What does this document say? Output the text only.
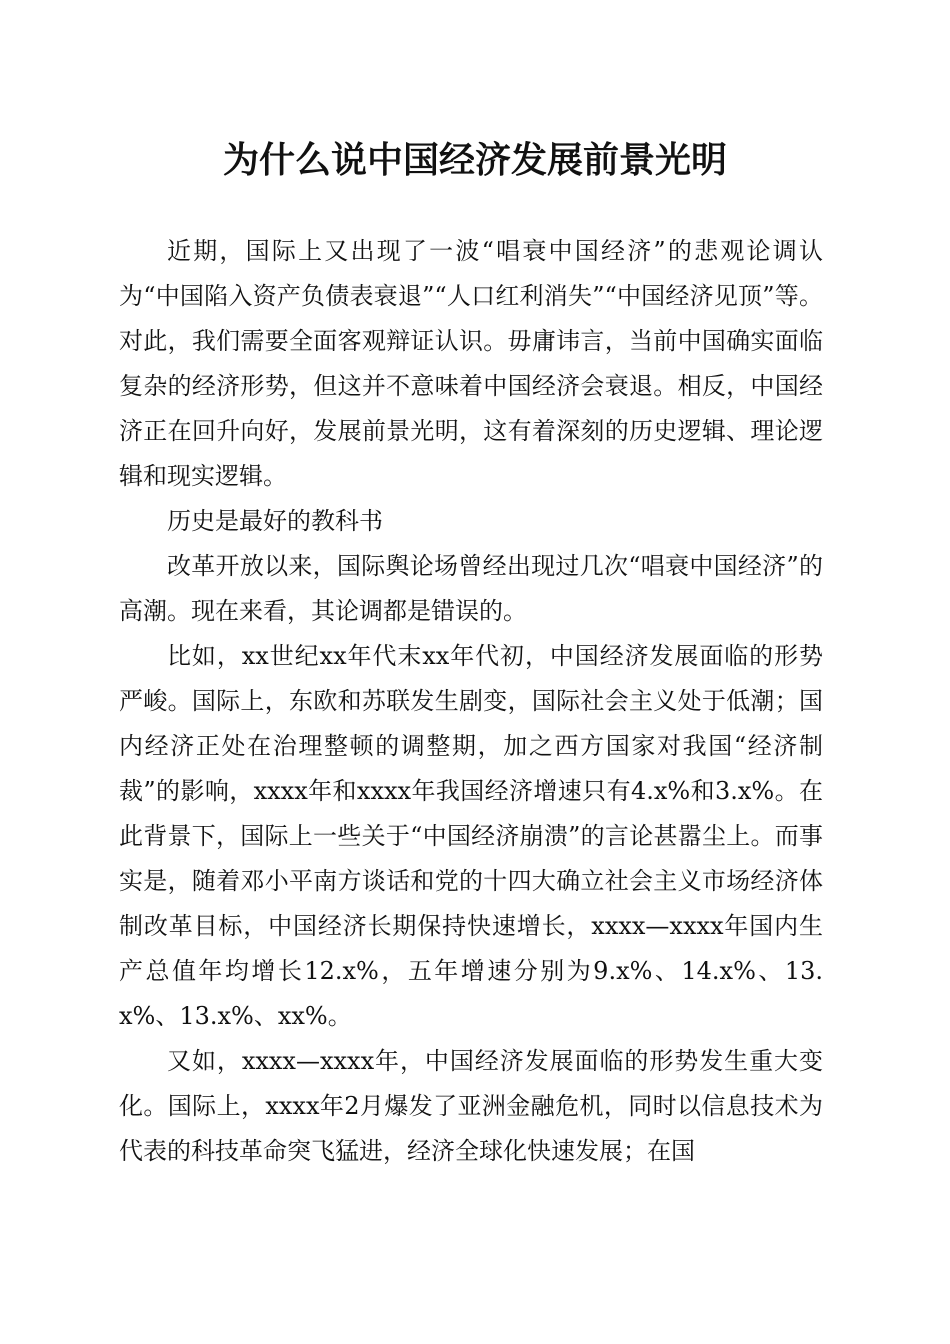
为什么说中国经济发展前景光明

近期，国际上又出现了一波“唱衰中国经济”的悲观论调认为“中国陷入资产负债表衰退”“人口红利消失”“中国经济见顶”等。对此，我们需要全面客观辩证认识。毋庸讳言，当前中国确实面临复杂的经济形势，但这并不意味着中国经济会衰退。相反，中国经济正在回升向好，发展前景光明，这有着深刻的历史逻辑、理论逻辑和现实逻辑。

历史是最好的教科书

改革开放以来，国际舆论场曾经出现过几次“唱衰中国经济”的高潮。现在来看，其论调都是错误的。

比如，xx世纪xx年代末xx年代初，中国经济发展面临的形势严峻。国际上，东欧和苏联发生剧变，国际社会主义处于低潮；国内经济正处在治理整顿的调整期，加之西方国家对我国“经济制裁”的影响，xxxx年和xxxx年我国经济增速只有4.x%和3.x%。在此背景下，国际上一些关于“中国经济崩溃”的言论甚嚣尘上。而事实是，随着邓小平南方谈话和党的十四大确立社会主义市场经济体制改革目标，中国经济长期保持快速增长，xxxx—xxxx年国内生产总值年均增长12.x%，五年增速分别为9.x%、14.x%、13.x%、13.x%、xx%。

又如，xxxx—xxxx年，中国经济发展面临的形势发生重大变化。国际上，xxxx年2月爆发了亚洲金融危机，同时以信息技术为代表的科技革命突飞猛进，经济全球化快速发展；在国
